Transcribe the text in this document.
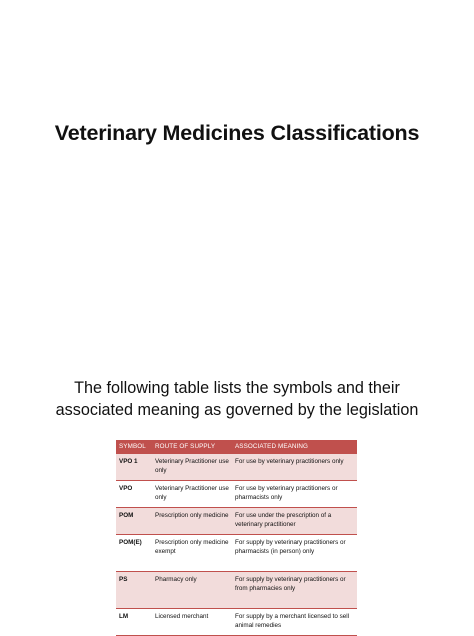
Veterinary Medicines Classifications
The following table lists the symbols and their
associated meaning as governed by the legislation
SYMBOL	ROUTE OF SUPPLY	ASSOCIATED MEANING
VPO 1	Veterinary Practitioner use only	For use by veterinary practitioners only
VPO	Veterinary Practitioner use only	For use by veterinary practitioners or pharmacists only
POM	Prescription only medicine	For use under the prescription of a veterinary practitioner
POM(E)	Prescription only medicine exempt	For supply by veterinary practitioners or pharmacists (in person) only
PS	Pharmacy only	For supply by veterinary practitioners or from pharmacies only
LM	Licensed merchant	For supply by a merchant licensed to sell animal remedies
